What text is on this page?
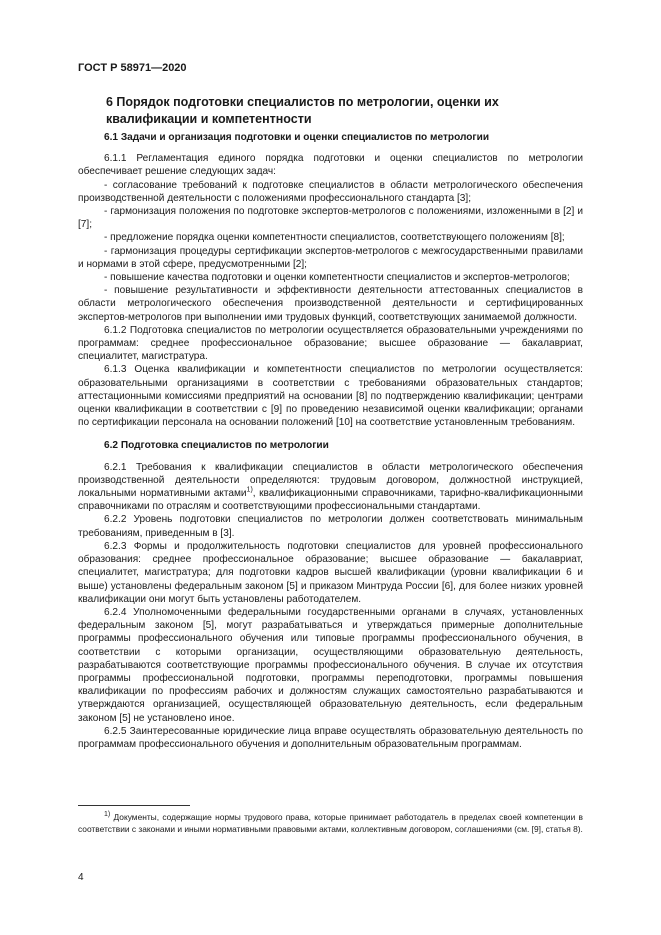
ГОСТ Р 58971—2020
6 Порядок подготовки специалистов по метрологии, оценки их квалификации и компетентности

6.1 Задачи и организация подготовки и оценки специалистов по метрологии

6.1.1 Регламентация единого порядка подготовки и оценки специалистов по метрологии обеспечивает решение следующих задач:

- согласование требований к подготовке специалистов в области метрологического обеспечения производственной деятельности с положениями профессионального стандарта [3];

- гармонизация положения по подготовке экспертов-метрологов с положениями, изложенными в [2] и [7];

- предложение порядка оценки компетентности специалистов, соответствующего положениям [8];

- гармонизация процедуры сертификации экспертов-метрологов с межгосударственными правилами и нормами в этой сфере, предусмотренными [2];

- повышение качества подготовки и оценки компетентности специалистов и экспертов-метрологов;

- повышение результативности и эффективности деятельности аттестованных специалистов в области метрологического обеспечения производственной деятельности и сертифицированных экспертов-метрологов при выполнении ими трудовых функций, соответствующих занимаемой должности.

6.1.2 Подготовка специалистов по метрологии осуществляется образовательными учреждениями по программам: среднее профессиональное образование; высшее образование — бакалавриат, специалитет, магистратура.

6.1.3 Оценка квалификации и компетентности специалистов по метрологии осуществляется: образовательными организациями в соответствии с требованиями образовательных стандартов; аттестационными комиссиями предприятий на основании [8] по подтверждению квалификации; центрами оценки квалификации в соответствии с [9] по проведению независимой оценки квалификации; органами по сертификации персонала на основании положений [10] на соответствие установленным требованиям.

6.2 Подготовка специалистов по метрологии

6.2.1 Требования к квалификации специалистов в области метрологического обеспечения производственной деятельности определяются: трудовым договором, должностной инструкцией, локальными нормативными актами$^{1)}$, квалификационными справочниками, тарифно-квалификационными справочниками по отраслям и соответствующими профессиональными стандартами.

6.2.2 Уровень подготовки специалистов по метрологии должен соответствовать минимальным требованиям, приведенным в [3].

6.2.3 Формы и продолжительность подготовки специалистов для уровней профессионального образования: среднее профессиональное образование; высшее образование — бакалавриат, специалитет, магистратура; для подготовки кадров высшей квалификации (уровни квалификации 6 и выше) установлены федеральным законом [5] и приказом Минтруда России [6], для более низких уровней квалификации они могут быть установлены работодателем.

6.2.4 Уполномоченными федеральными государственными органами в случаях, установленных федеральным законом [5], могут разрабатываться и утверждаться примерные дополнительные программы профессионального обучения или типовые программы профессионального обучения, в соответствии с которыми организации, осуществляющими образовательную деятельность, разрабатываются соответствующие программы профессионального обучения. В случае их отсутствия программы профессиональной подготовки, программы переподготовки, программы повышения квалификации по профессиям рабочих и должностям служащих самостоятельно разрабатываются и утверждаются организацией, осуществляющей образовательную деятельность, если федеральным законом [5] не установлено иное.

6.2.5 Заинтересованные юридические лица вправе осуществлять образовательную деятельность по программам профессионального обучения и дополнительным образовательным программам.

$^{1)}$ Документы, содержащие нормы трудового права, которые принимает работодатель в пределах своей компетенции в соответствии с законами и иными нормативными правовыми актами, коллективным договором, соглашениями (см. [9], статья 8).
4
